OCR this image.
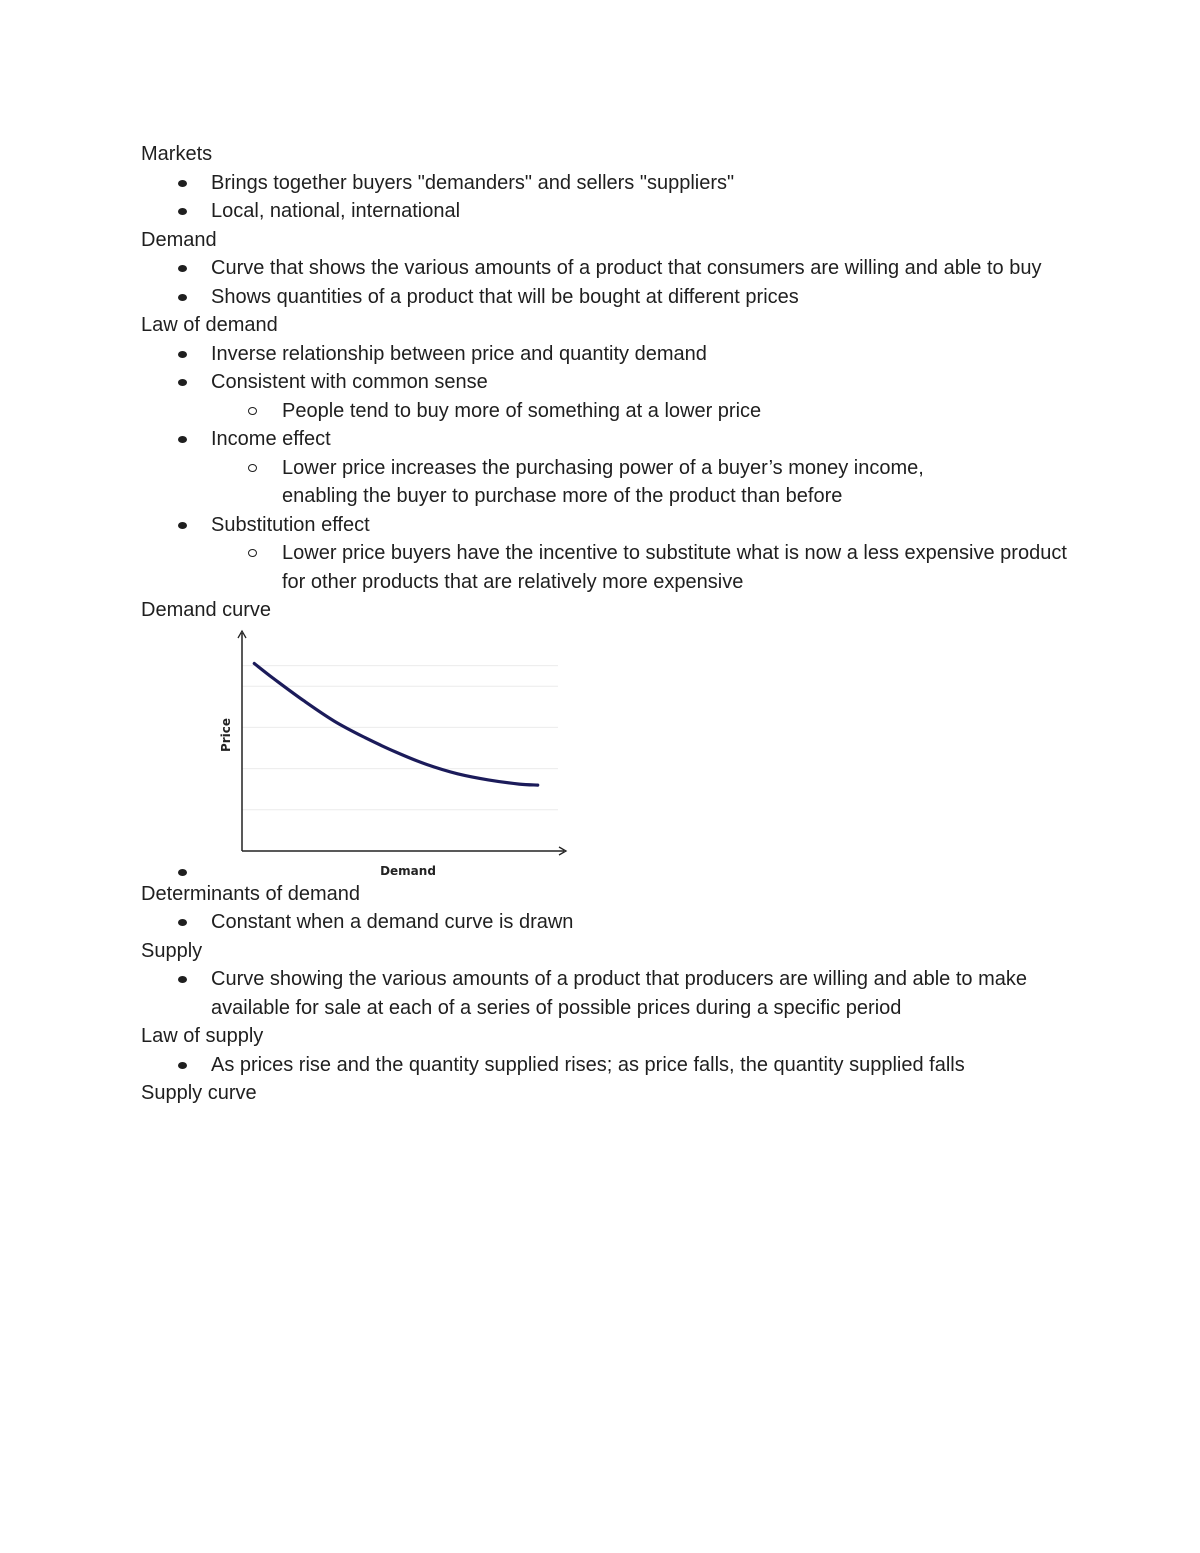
Markets
Brings together buyers "demanders" and sellers "suppliers"
Local, national, international
Demand
Curve that shows the various amounts of a product that consumers are willing and able to buy
Shows quantities of a product that will be bought at different prices
Law of demand
Inverse relationship between price and quantity demand
Consistent with common sense
People tend to buy more of something at a lower price
Income effect
Lower price increases the purchasing power of a buyer’s money income, enabling the buyer to purchase more of the product than before
Substitution effect
Lower price buyers have the incentive to substitute what is now a less expensive product for other products that are relatively more expensive
Demand curve
Price
Demand
Determinants of demand
Constant when a demand curve is drawn
Supply
Curve showing the various amounts of a product that producers are willing and able to make available for sale at each of a series of possible prices during a specific period
Law of supply
As prices rise and the quantity supplied rises; as price falls, the quantity supplied falls
Supply curve
